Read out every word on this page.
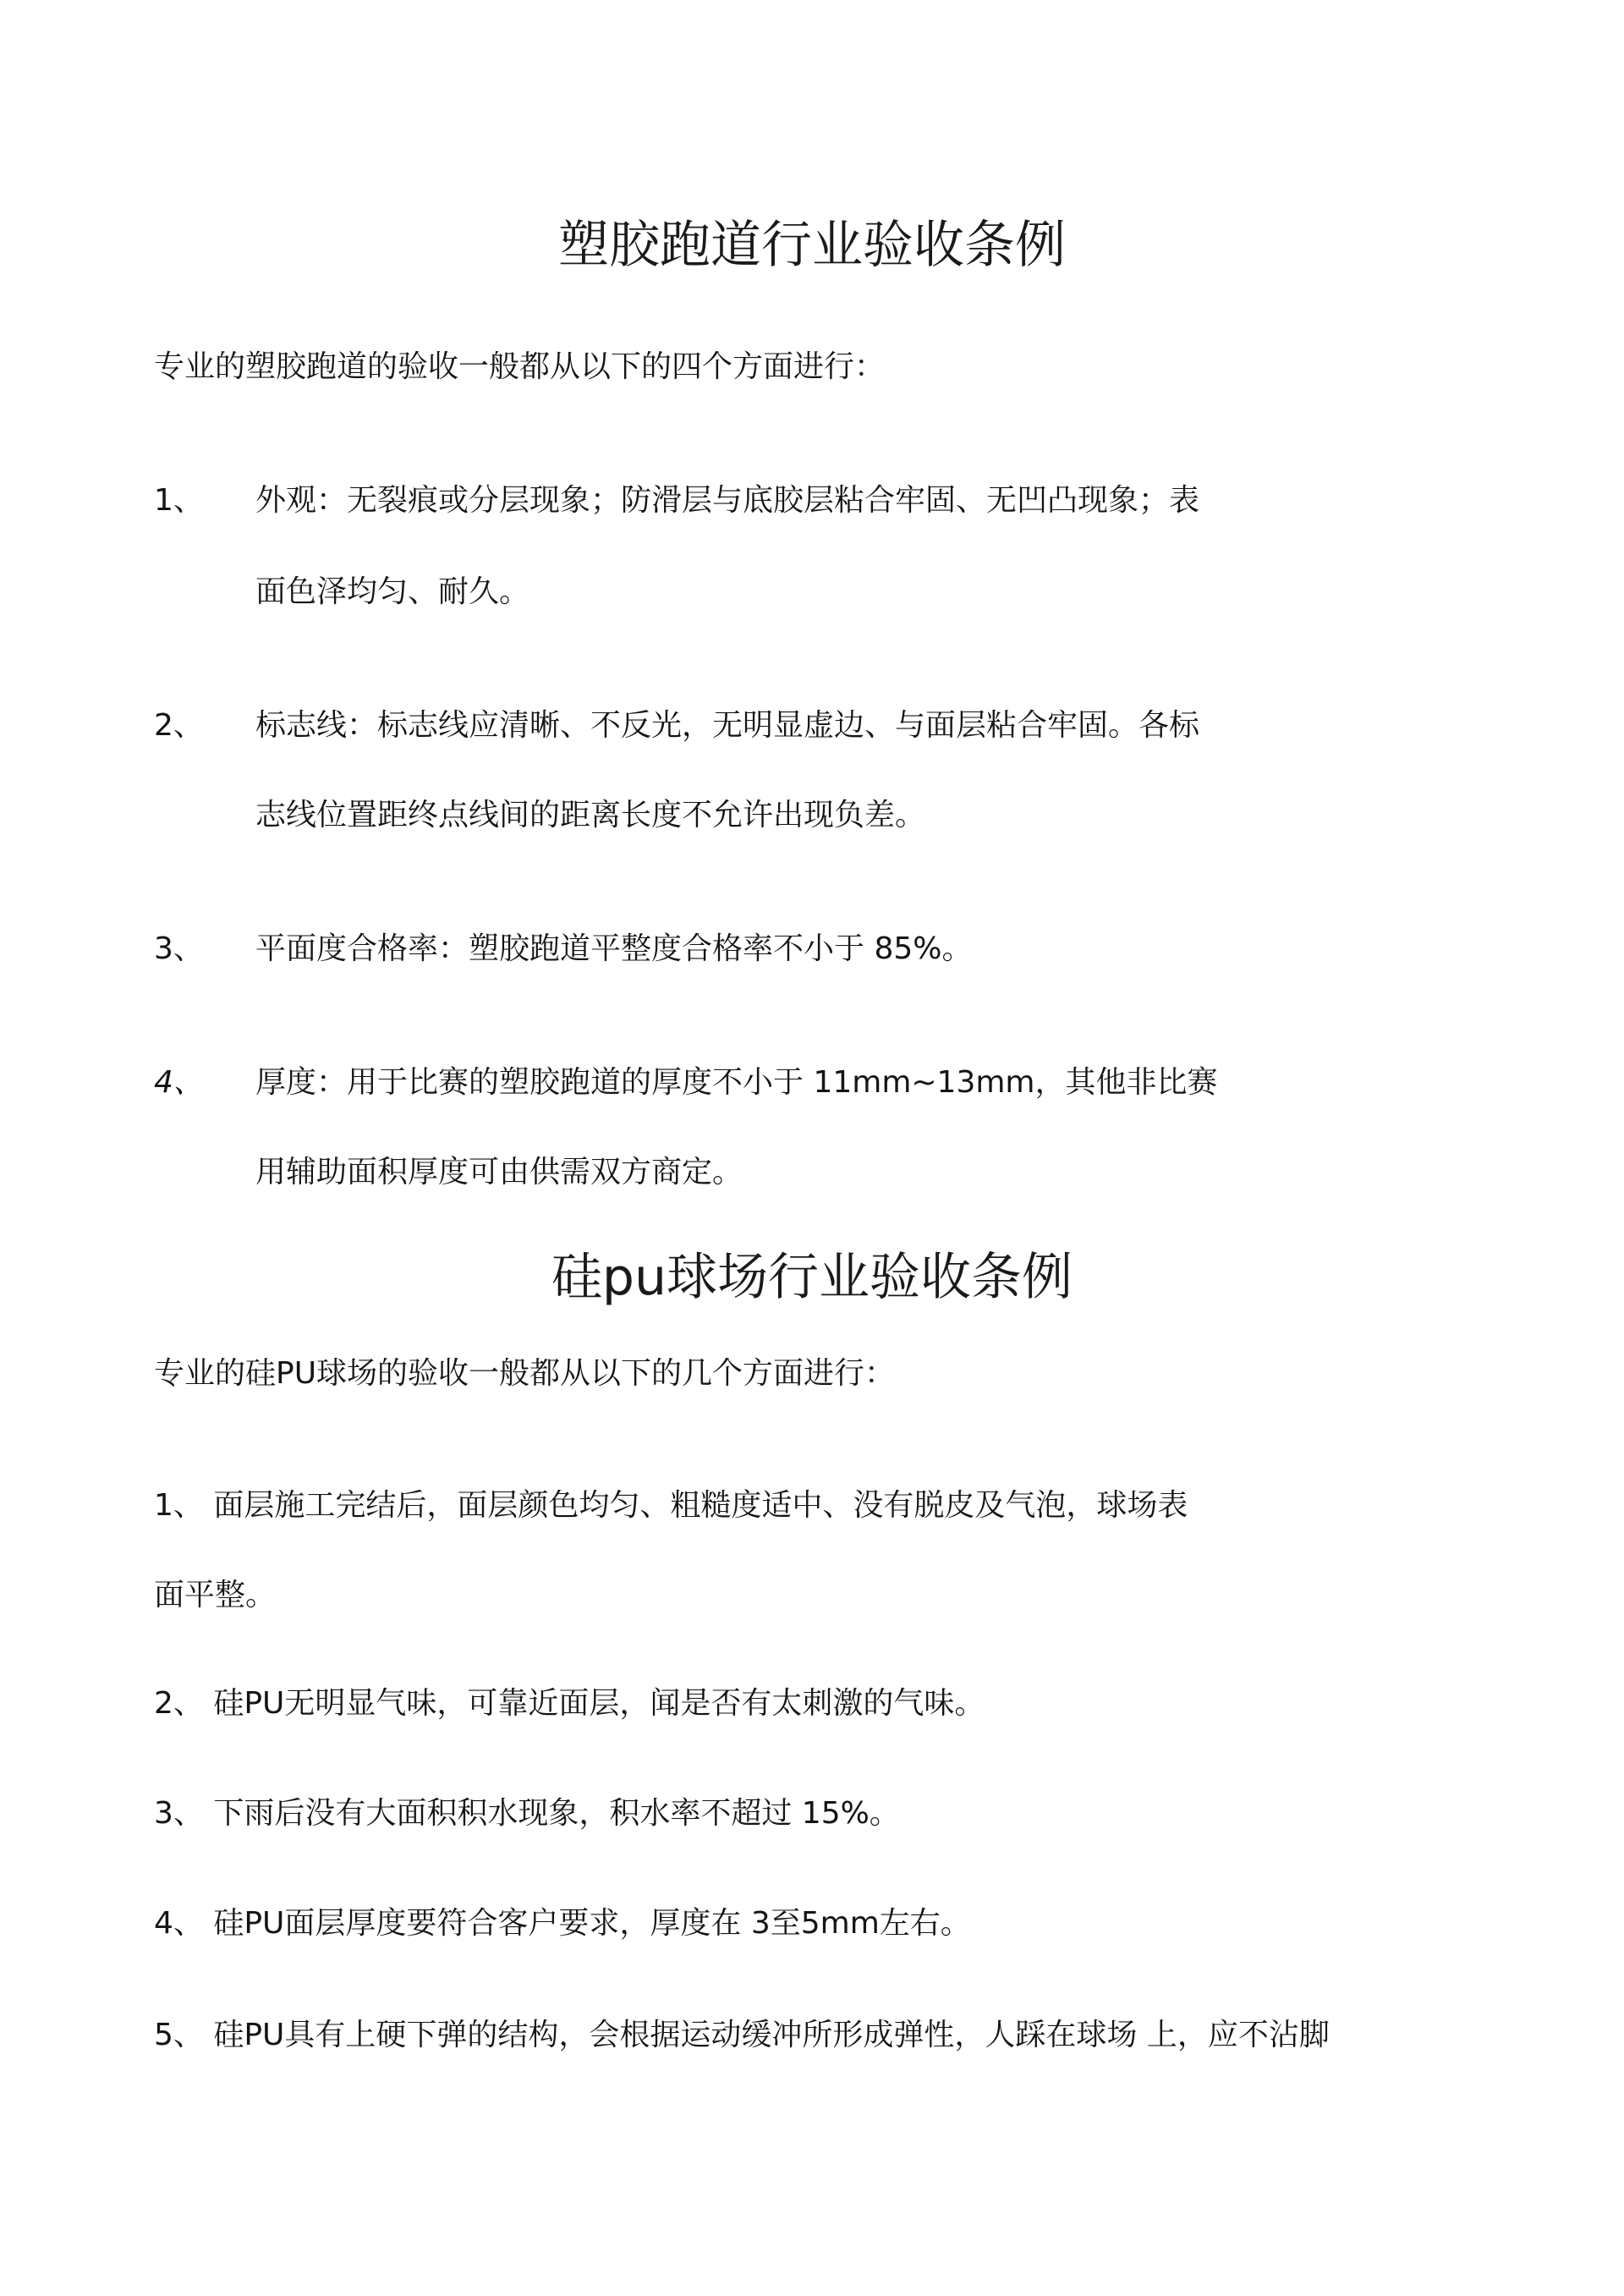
塑胶跑道行业验收条例
专业的塑胶跑道的验收一般都从以下的四个方面进行：
1、 外观：无裂痕或分层现象；防滑层与底胶层粘合牢固、无凹凸现象；表
面色泽均匀、耐久。
2、 标志线：标志线应清晰、不反光，无明显虚边、与面层粘合牢固。各标
志线位置距终点线间的距离长度不允许出现负差。
3、 平面度合格率：塑胶跑道平整度合格率不小于 85%。
4、 厚度：用于比赛的塑胶跑道的厚度不小于 11mm~13mm，其他非比赛
用辅助面积厚度可由供需双方商定。
硅pu球场行业验收条例
专业的硅PU球场的验收一般都从以下的几个方面进行：
1、 面层施工完结后，面层颜色均匀、粗糙度适中、没有脱皮及气泡，球场表
面平整。
2、 硅PU无明显气味，可靠近面层，闻是否有太刺激的气味。
3、 下雨后没有大面积积水现象，积水率不超过 15%。
4、 硅PU面层厚度要符合客户要求，厚度在 3至5mm左右。
5、 硅PU具有上硬下弹的结构，会根据运动缓冲所形成弹性，人踩在球场 上，应不沾脚
